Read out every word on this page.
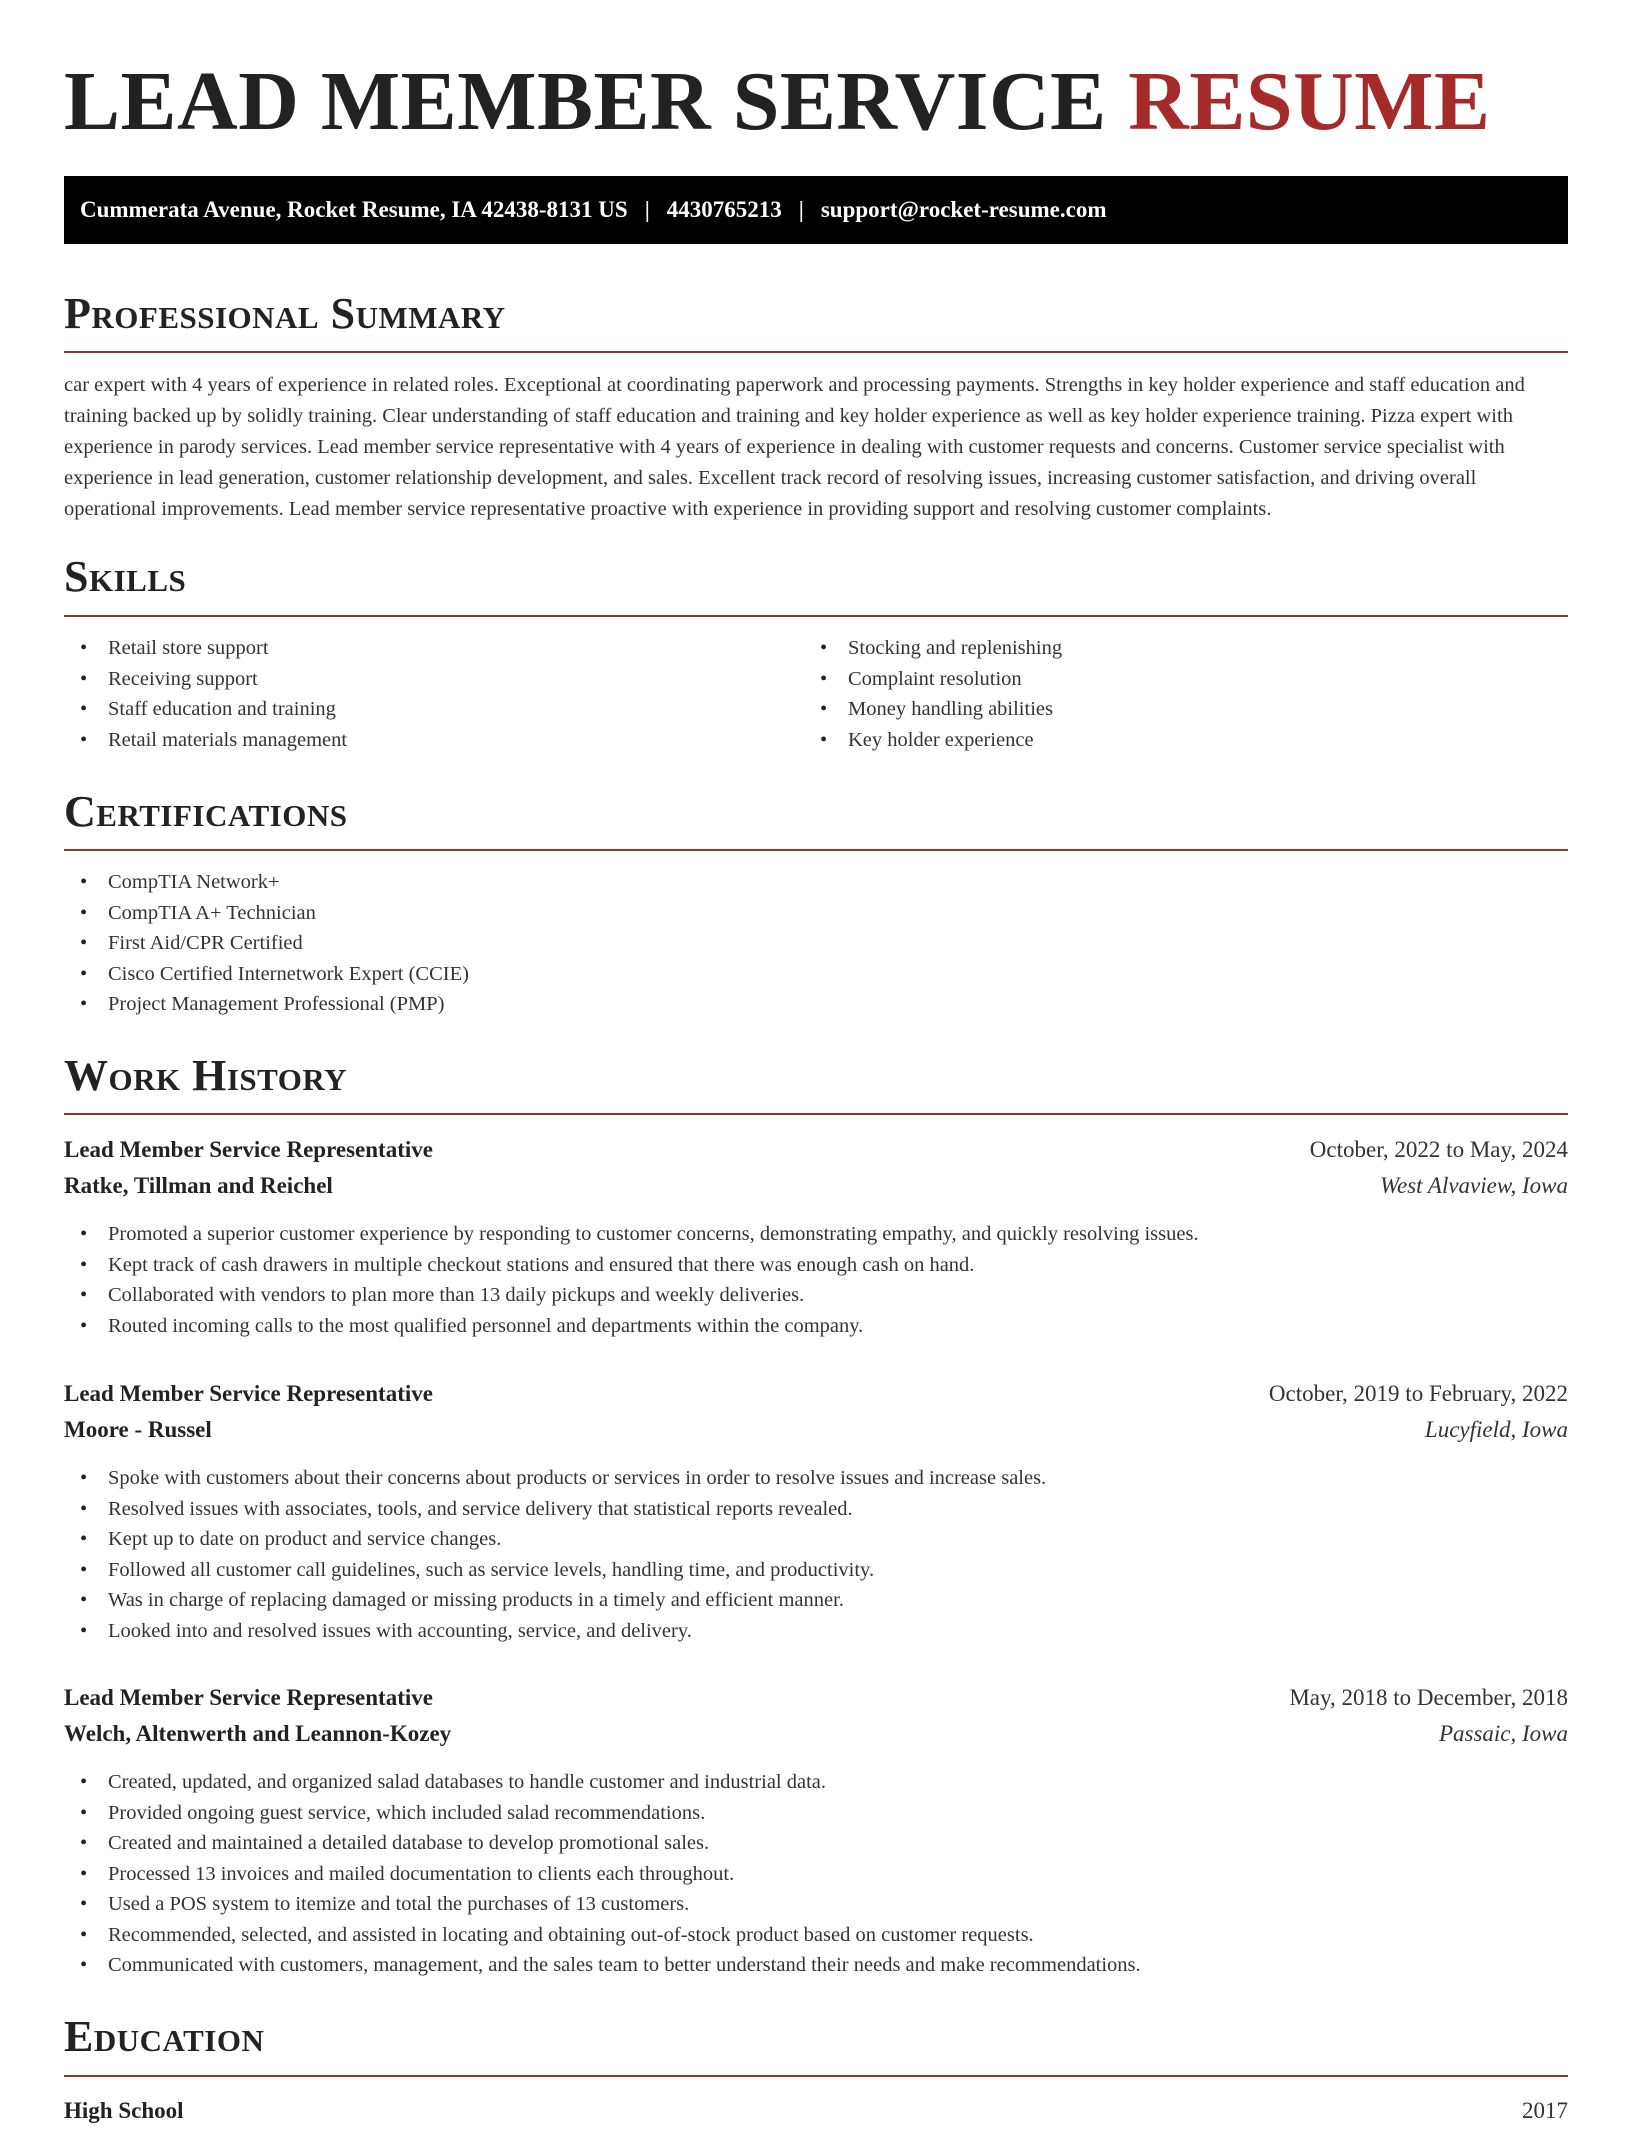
LEAD MEMBER SERVICE RESUME
Cummerata Avenue, Rocket Resume, IA 42438-8131 US | 4430765213 | support@rocket-resume.com
Professional Summary

car expert with 4 years of experience in related roles. Exceptional at coordinating paperwork and processing payments. Strengths in key holder experience and staff education and training backed up by solidly training. Clear understanding of staff education and training and key holder experience as well as key holder experience training. Pizza expert with experience in parody services. Lead member service representative with 4 years of experience in dealing with customer requests and concerns. Customer service specialist with experience in lead generation, customer relationship development, and sales. Excellent track record of resolving issues, increasing customer satisfaction, and driving overall operational improvements. Lead member service representative proactive with experience in providing support and resolving customer complaints.

Skills
• Retail store support
• Receiving support
• Staff education and training
• Retail materials management
• Stocking and replenishing
• Complaint resolution
• Money handling abilities
• Key holder experience
Certifications
• CompTIA Network+
• CompTIA A+ Technician
• First Aid/CPR Certified
• Cisco Certified Internetwork Expert (CCIE)
• Project Management Professional (PMP)
Work History
Lead Member Service Representative	October, 2022 to May, 2024
Ratke, Tillman and Reichel	West Alvaview, Iowa
• Promoted a superior customer experience by responding to customer concerns, demonstrating empathy, and quickly resolving issues.
• Kept track of cash drawers in multiple checkout stations and ensured that there was enough cash on hand.
• Collaborated with vendors to plan more than 13 daily pickups and weekly deliveries.
• Routed incoming calls to the most qualified personnel and departments within the company.
Lead Member Service Representative	October, 2019 to February, 2022
Moore - Russel	Lucyfield, Iowa
• Spoke with customers about their concerns about products or services in order to resolve issues and increase sales.
• Resolved issues with associates, tools, and service delivery that statistical reports revealed.
• Kept up to date on product and service changes.
• Followed all customer call guidelines, such as service levels, handling time, and productivity.
• Was in charge of replacing damaged or missing products in a timely and efficient manner.
• Looked into and resolved issues with accounting, service, and delivery.
Lead Member Service Representative	May, 2018 to December, 2018
Welch, Altenwerth and Leannon-Kozey	Passaic, Iowa
• Created, updated, and organized salad databases to handle customer and industrial data.
• Provided ongoing guest service, which included salad recommendations.
• Created and maintained a detailed database to develop promotional sales.
• Processed 13 invoices and mailed documentation to clients each throughout.
• Used a POS system to itemize and total the purchases of 13 customers.
• Recommended, selected, and assisted in locating and obtaining out-of-stock product based on customer requests.
• Communicated with customers, management, and the sales team to better understand their needs and make recommendations.
Education
High School	2017
